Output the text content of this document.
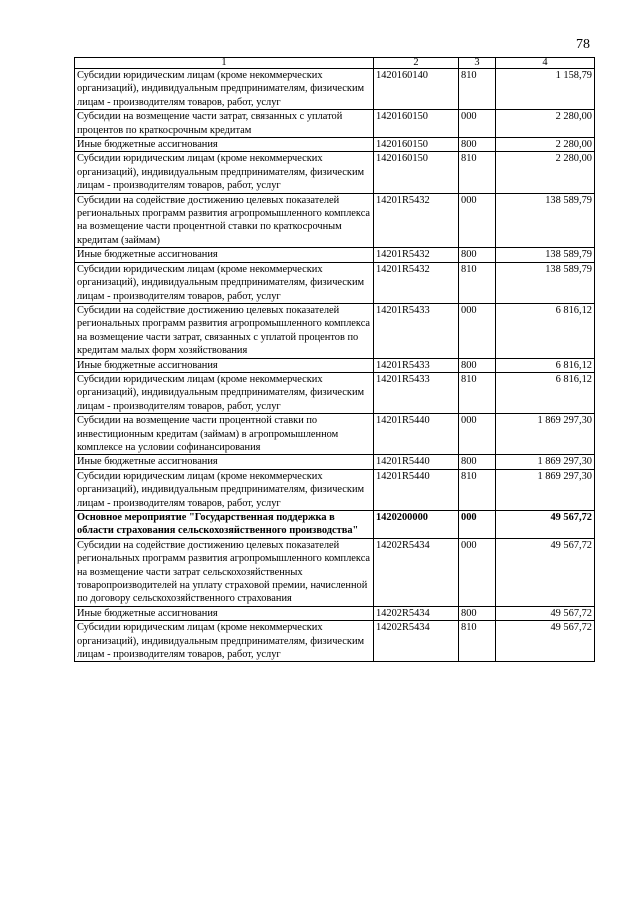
78
1	2	3	4
Субсидии юридическим лицам (кроме некоммерческих организаций), индивидуальным предпринимателям, физическим лицам - производителям товаров, работ, услуг	1420160140	810	1 158,79
Субсидии на возмещение части затрат, связанных с уплатой процентов по краткосрочным кредитам	1420160150	000	2 280,00
Иные бюджетные ассигнования	1420160150	800	2 280,00
Субсидии юридическим лицам (кроме некоммерческих организаций), индивидуальным предпринимателям, физическим лицам - производителям товаров, работ, услуг	1420160150	810	2 280,00
Субсидии на содействие достижению целевых показателей региональных программ развития агропромышленного комплекса на возмещение части процентной ставки по краткосрочным кредитам (займам)	14201R5432	000	138 589,79
Иные бюджетные ассигнования	14201R5432	800	138 589,79
Субсидии юридическим лицам (кроме некоммерческих организаций), индивидуальным предпринимателям, физическим лицам - производителям товаров, работ, услуг	14201R5432	810	138 589,79
Субсидии на содействие достижению целевых показателей региональных программ развития агропромышленного комплекса на возмещение части затрат, связанных с уплатой процентов по кредитам малых форм хозяйствования	14201R5433	000	6 816,12
Иные бюджетные ассигнования	14201R5433	800	6 816,12
Субсидии юридическим лицам (кроме некоммерческих организаций), индивидуальным предпринимателям, физическим лицам - производителям товаров, работ, услуг	14201R5433	810	6 816,12
Субсидии на возмещение части процентной ставки по инвестиционным кредитам (займам) в агропромышленном комплексе на условии софинансирования	14201R5440	000	1 869 297,30
Иные бюджетные ассигнования	14201R5440	800	1 869 297,30
Субсидии юридическим лицам (кроме некоммерческих организаций), индивидуальным предпринимателям, физическим лицам - производителям товаров, работ, услуг	14201R5440	810	1 869 297,30
Основное мероприятие "Государственная поддержка в области страхования сельскохозяйственного производства"	1420200000	000	49 567,72
Субсидии на содействие достижению целевых показателей региональных программ развития агропромышленного комплекса на возмещение части затрат сельскохозяйственных товаропроизводителей на уплату страховой премии, начисленной по договору сельскохозяйственного страхования	14202R5434	000	49 567,72
Иные бюджетные ассигнования	14202R5434	800	49 567,72
Субсидии юридическим лицам (кроме некоммерческих организаций), индивидуальным предпринимателям, физическим лицам - производителям товаров, работ, услуг	14202R5434	810	49 567,72
